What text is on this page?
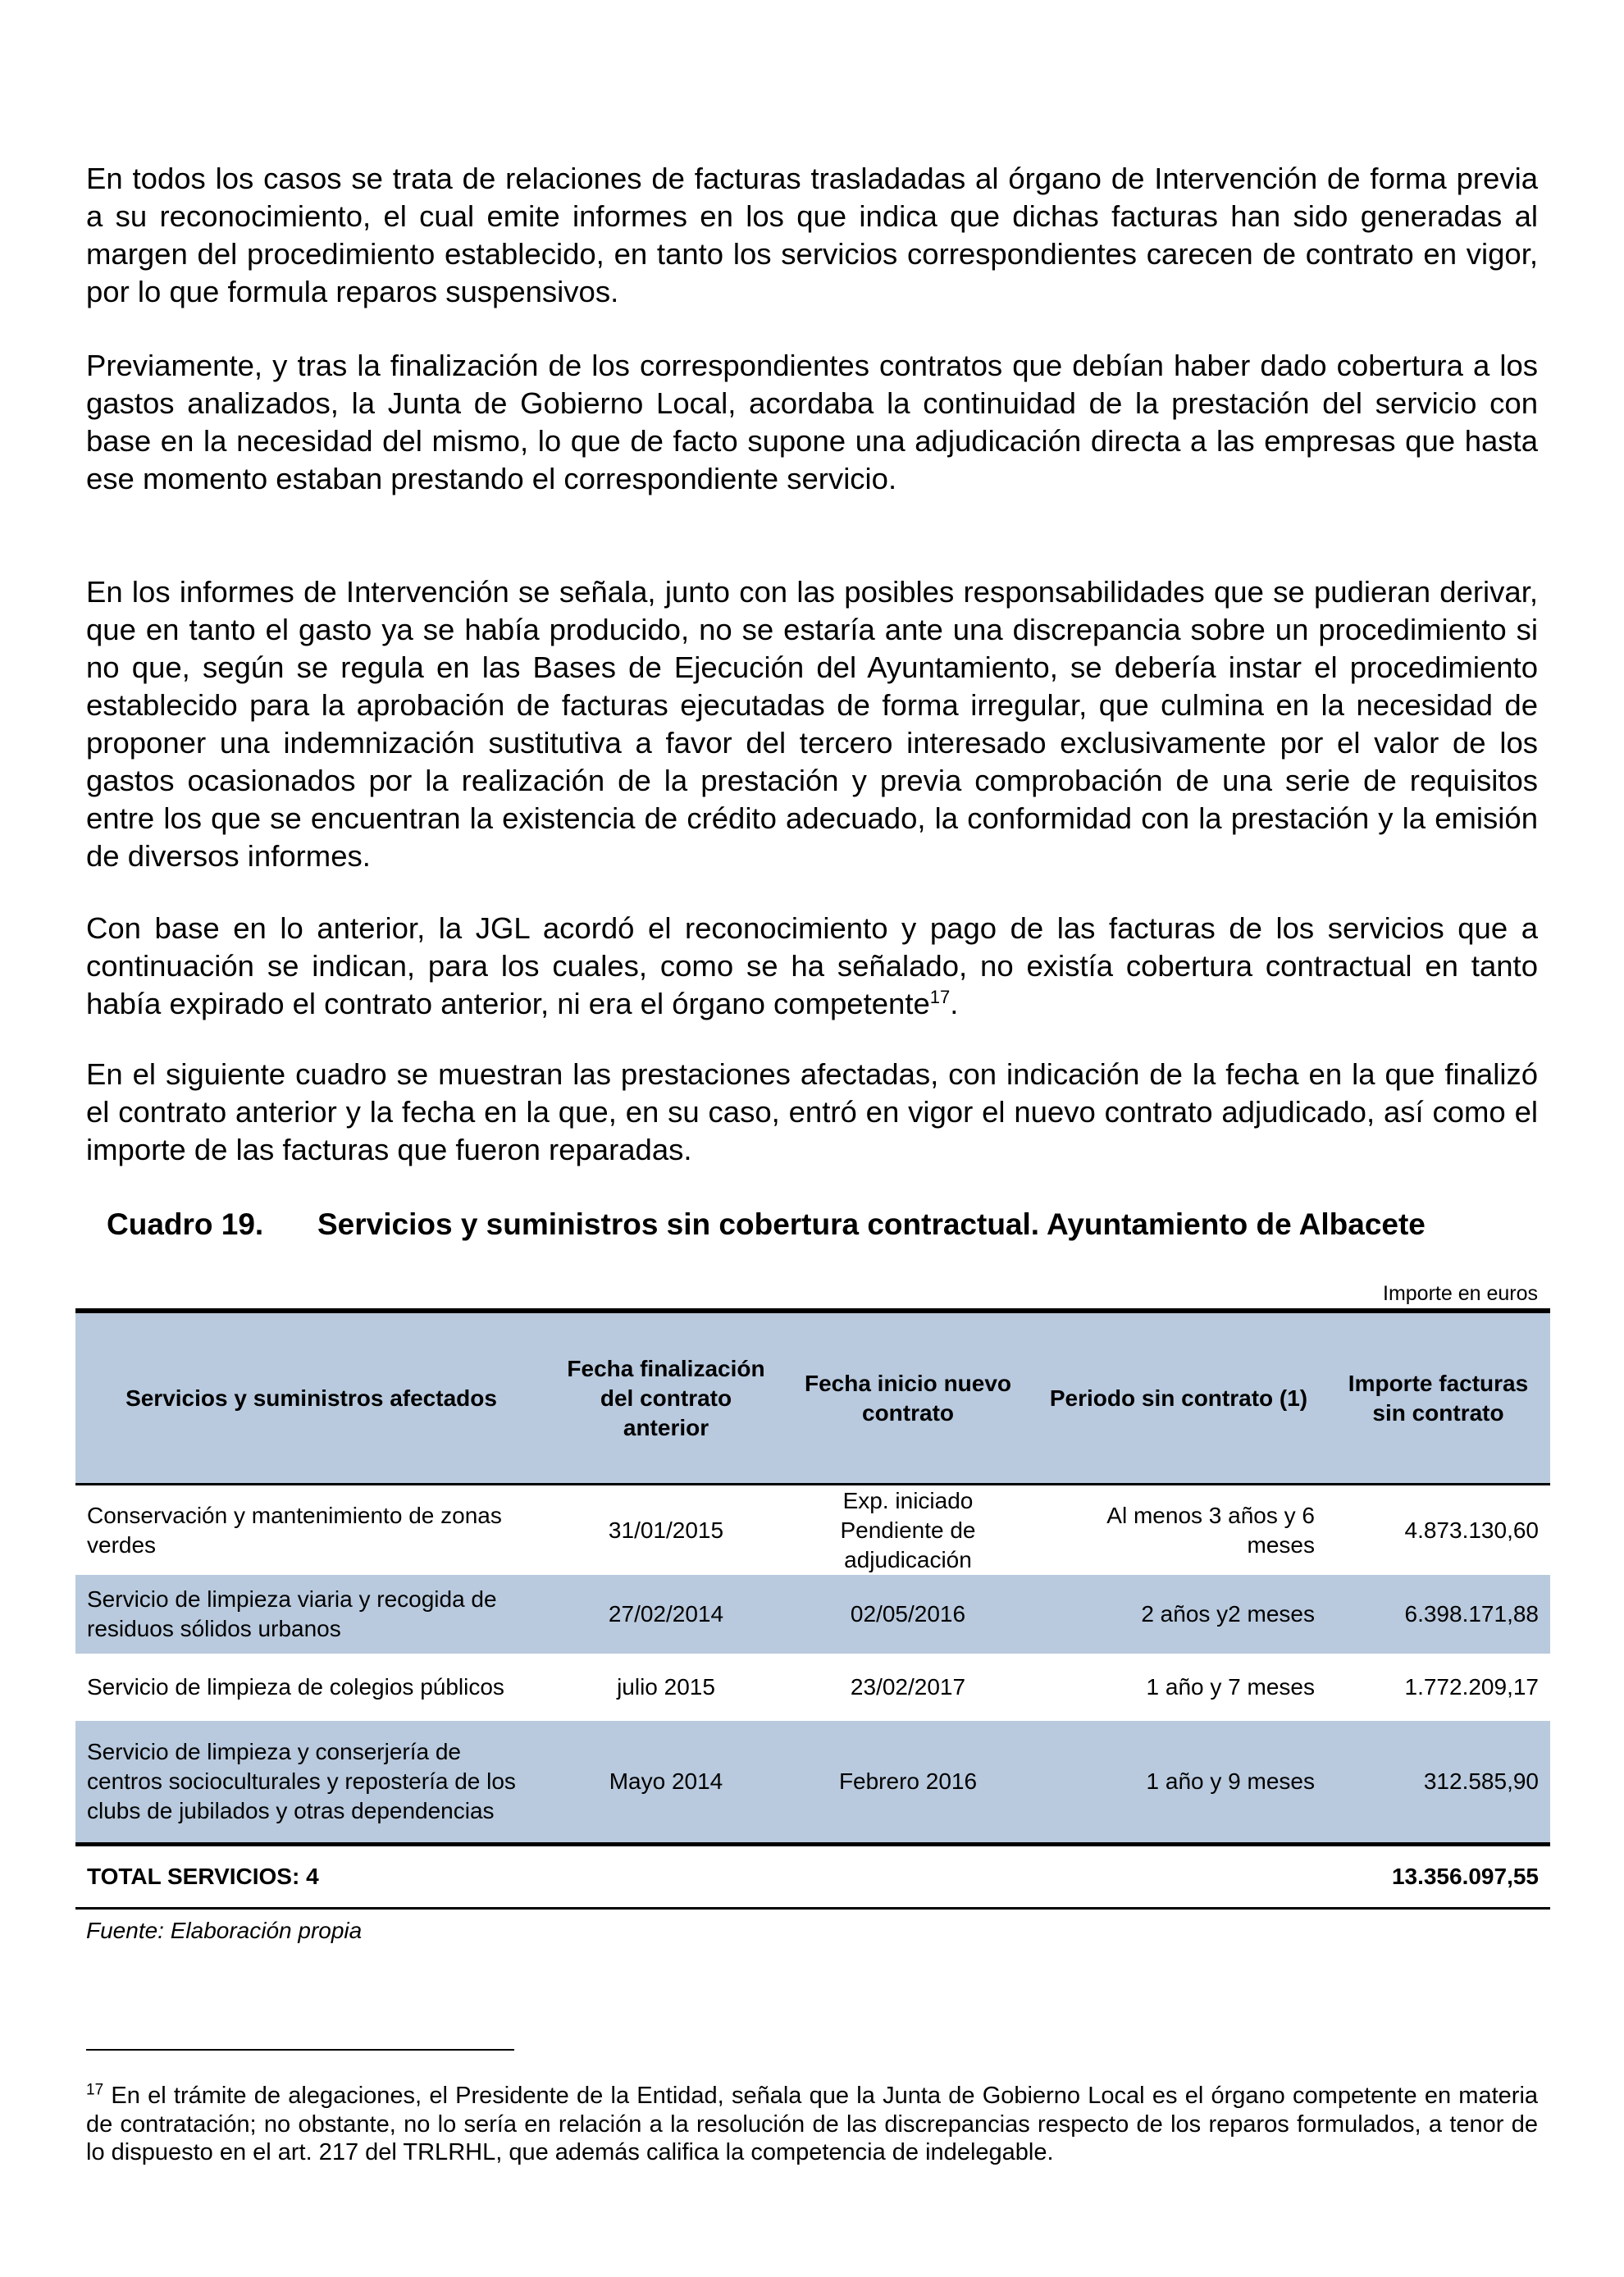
En todos los casos se trata de relaciones de facturas trasladadas al órgano de Intervención de forma previa a su reconocimiento, el cual emite informes en los que indica que dichas facturas han sido generadas al margen del procedimiento establecido, en tanto los servicios correspondientes carecen de contrato en vigor, por lo que formula reparos suspensivos.

Previamente, y tras la finalización de los correspondientes contratos que debían haber dado cobertura a los gastos analizados, la Junta de Gobierno Local, acordaba la continuidad de la prestación del servicio con base en la necesidad del mismo, lo que de facto supone una adjudicación directa a las empresas que hasta ese momento estaban prestando el correspondiente servicio.

En los informes de Intervención se señala, junto con las posibles responsabilidades que se pudieran derivar, que en tanto el gasto ya se había producido, no se estaría ante una discrepancia sobre un procedimiento si no que, según se regula en las Bases de Ejecución del Ayuntamiento, se debería instar el procedimiento establecido para la aprobación de facturas ejecutadas de forma irregular, que culmina en la necesidad de proponer una indemnización sustitutiva a favor del tercero interesado exclusivamente por el valor de los gastos ocasionados por la realización de la prestación y previa comprobación de una serie de requisitos entre los que se encuentran la existencia de crédito adecuado, la conformidad con la prestación y la emisión de diversos informes.

Con base en lo anterior, la JGL acordó el reconocimiento y pago de las facturas de los servicios que a continuación se indican, para los cuales, como se ha señalado, no existía cobertura contractual en tanto había expirado el contrato anterior, ni era el órgano competente$^{17}$.

En el siguiente cuadro se muestran las prestaciones afectadas, con indicación de la fecha en la que finalizó el contrato anterior y la fecha en la que, en su caso, entró en vigor el nuevo contrato adjudicado, así como el importe de las facturas que fueron reparadas.

Cuadro 19. Servicios y suministros sin cobertura contractual. Ayuntamiento de Albacete
Importe en euros
Servicios y suministros afectados	Fecha finalización del contrato anterior	Fecha inicio nuevo contrato	Periodo sin contrato (1)	Importe facturas sin contrato
Conservación y mantenimiento de zonas verdes	31/01/2015	Exp. iniciado Pendiente de adjudicación	Al menos 3 años y 6 meses	4.873.130,60
Servicio de limpieza viaria y recogida de residuos sólidos urbanos	27/02/2014	02/05/2016	2 años y2 meses	6.398.171,88
Servicio de limpieza de colegios públicos	julio 2015	23/02/2017	1 año y 7 meses	1.772.209,17
Servicio de limpieza y conserjería de centros socioculturales y repostería de los clubs de jubilados y otras dependencias	Mayo 2014	Febrero 2016	1 año y 9 meses	312.585,90
TOTAL SERVICIOS: 4				13.356.097,55
Fuente: Elaboración propia

$^{17}$ En el trámite de alegaciones, el Presidente de la Entidad, señala que la Junta de Gobierno Local es el órgano competente en materia de contratación; no obstante, no lo sería en relación a la resolución de las discrepancias respecto de los reparos formulados, a tenor de lo dispuesto en el art. 217 del TRLRHL, que además califica la competencia de indelegable.
